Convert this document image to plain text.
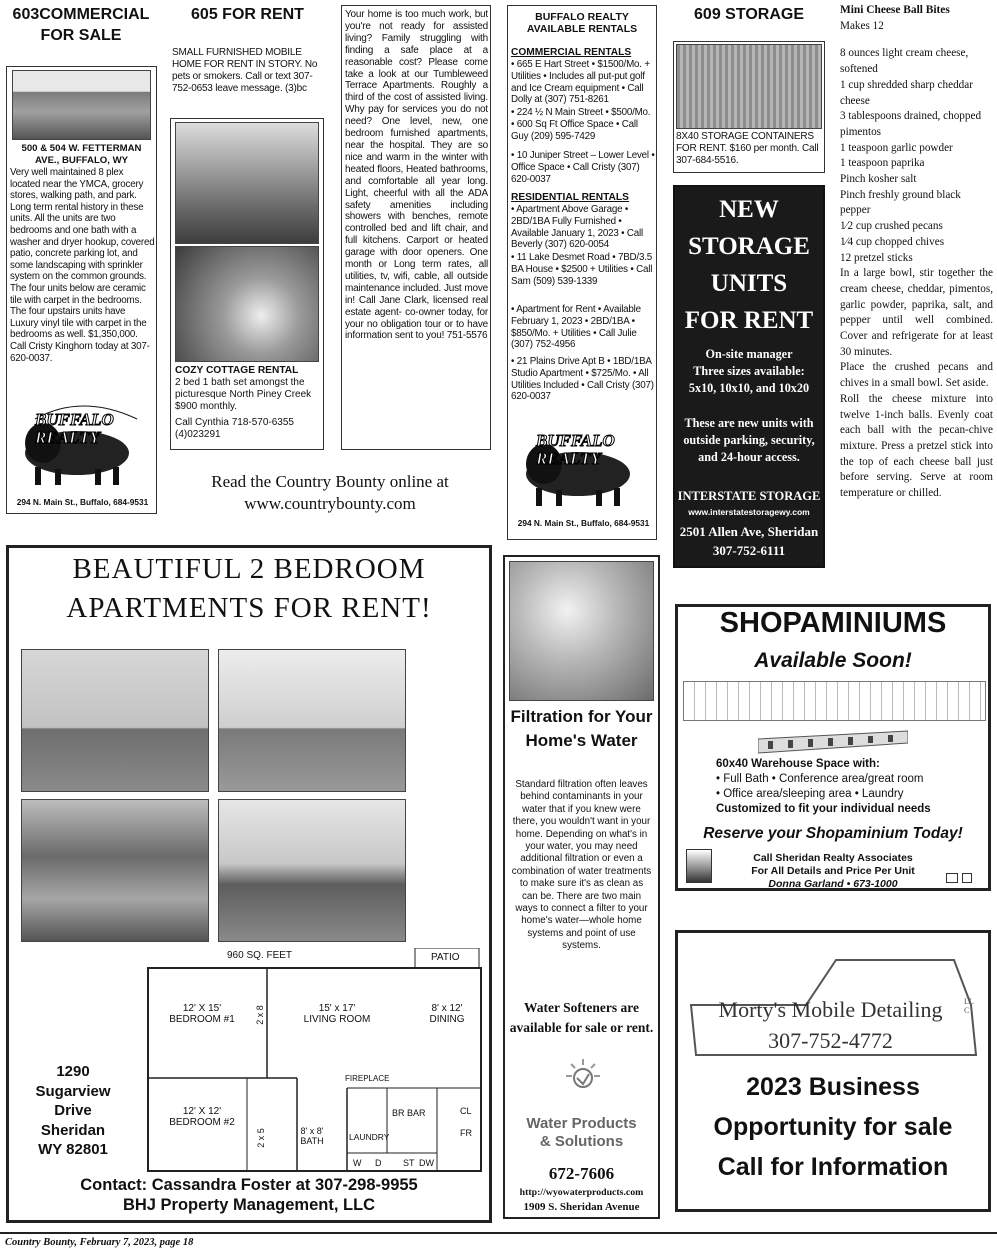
603COMMERCIAL FOR SALE
500 & 504 W. FETTERMAN AVE., BUFFALO, WY
Very well maintained 8 plex located near the YMCA, grocery stores, walking path, and park. Long term rental history in these units. All the units are two bedrooms and one bath with a washer and dryer hookup, covered patio, concrete parking lot, and some landscaping with sprinkler system on the common grounds. The four units below are ceramic tile with carpet in the bedrooms. The four upstairs units have Luxury vinyl tile with carpet in the bedrooms as well. $1,350,000. Call Cristy Kinghorn today at 307-620-0037.
BUFFALO REALTY
294 N. Main St., Buffalo, 684-9531
605 FOR RENT
SMALL FURNISHED MOBILE HOME FOR RENT IN STORY. No pets or smokers. Call or text 307-752-0653 leave message. (3)bc
COZY COTTAGE RENTAL
2 bed 1 bath set amongst the picturesque North Piney Creek $900 monthly.
Call Cynthia 718-570-6355
(4)023291
Your home is too much work, but you're not ready for assisted living? Family struggling with finding a safe place at a reasonable cost? Please come take a look at our Tumbleweed Terrace Apartments. Roughly a third of the cost of assisted living. Why pay for services you do not need? One level, new, one bedroom furnished apartments, near the hospital. They are so nice and warm in the winter with heated floors, Heated bathrooms, and comfortable all year long. Light, cheerful with all the ADA safety amenities including showers with benches, remote controlled bed and lift chair, and full kitchens. Carport or heated garage with door openers. One month or Long term rates, all utilities, tv, wifi, cable, all outside maintenance included. Just move in! Call Jane Clark, licensed real estate agent- co-owner today, for your no obligation tour or to have information sent to you! 751-5576
Read the Country Bounty online at
www.countrybounty.com
BUFFALO REALTY
AVAILABLE RENTALS
COMMERCIAL RENTALS
• 665 E Hart Street • $1500/Mo. + Utilities • Includes all put-put golf and Ice Cream equipment • Call Dolly at (307) 751-8261
• 224 ½ N Main Street • $500/Mo. • 600 Sq Ft Office Space • Call Guy (209) 595-7429
• 10 Juniper Street – Lower Level • Office Space • Call Cristy (307) 620-0037
RESIDENTIAL RENTALS
• Apartment Above Garage • 2BD/1BA Fully Furnished • Available January 1, 2023 • Call Beverly (307) 620-0054
• 11 Lake Desmet Road • 7BD/3.5 BA House • $2500 + Utilities • Call Sam (509) 539-1339
• Apartment for Rent • Available February 1, 2023 • 2BD/1BA • $850/Mo. + Utilities • Call Julie (307) 752-4956
• 21 Plains Drive Apt B • 1BD/1BA Studio Apartment • $725/Mo. • All Utilities Included • Call Cristy (307) 620-0037
BUFFALO REALTY
294 N. Main St., Buffalo, 684-9531
609 STORAGE
8X40 STORAGE CONTAINERS FOR RENT. $160 per month. Call 307-684-5516.
NEW
STORAGE
UNITS
FOR RENT
On-site manager
Three sizes available:
5x10, 10x10, and 10x20
These are new units with outside parking, security, and 24-hour access.
INTERSTATE STORAGE
www.interstatestoragewy.com
2501 Allen Ave, Sheridan
307-752-6111
Mini Cheese Ball Bites
Makes 12
8 ounces light cream cheese, softened
1 cup shredded sharp cheddar cheese
3 tablespoons drained, chopped pimentos
1 teaspoon garlic powder
1 teaspoon paprika
Pinch kosher salt
Pinch freshly ground black pepper
1⁄2 cup crushed pecans
1⁄4 cup chopped chives
12 pretzel sticks
In a large bowl, stir together the cream cheese, cheddar, pimentos, garlic powder, paprika, salt, and pepper until well combined. Cover and refrigerate for at least 30 minutes.
Place the crushed pecans and chives in a small bowl. Set aside.
Roll the cheese mixture into twelve 1-inch balls. Evenly coat each ball with the pecan-chive mixture. Press a pretzel stick into the top of each cheese ball just before serving. Serve at room temperature or chilled.
BEAUTIFUL 2 BEDROOM
APARTMENTS FOR RENT!
960 SQ. FEET	PATIO
12' X 15'
BEDROOM #1	2 x 8	15' x 17'
LIVING ROOM
8' x 12'
DINING
FIREPLACE
BR BAR	CL
FR
12' X 12'
BEDROOM #2
2 x 5	8' x 8'
BATH	LAUNDRY
W D ST DW
1290
Sugarview
Drive
Sheridan
WY 82801
Contact: Cassandra Foster at 307-298-9955
BHJ Property Management, LLC
Filtration for Your Home's Water
Standard filtration often leaves behind contaminants in your water that if you knew were there, you wouldn't want in your home. Depending on what's in your water, you may need additional filtration or even a combination of water treatments to make sure it's as clean as can be. There are two main ways to connect a filter to your home's water—whole home systems and point of use systems.
Water Softeners are available for sale or rent.
Water Products
& Solutions
672-7606
http://wyowaterproducts.com
1909 S. Sheridan Avenue
SHOPAMINIUMS
Available Soon!
60x40 Warehouse Space with:
• Full Bath • Conference area/great room
• Office area/sleeping area • Laundry
Customized to fit your individual needs
Reserve your Shopaminium Today!
Call Sheridan Realty Associates
For All Details and Price Per Unit
Donna Garland • 673-1000
Morty's Mobile Detailing	LLC
307-752-4772
2023 Business
Opportunity for sale
Call for Information
Country Bounty, February 7, 2023, page 18
